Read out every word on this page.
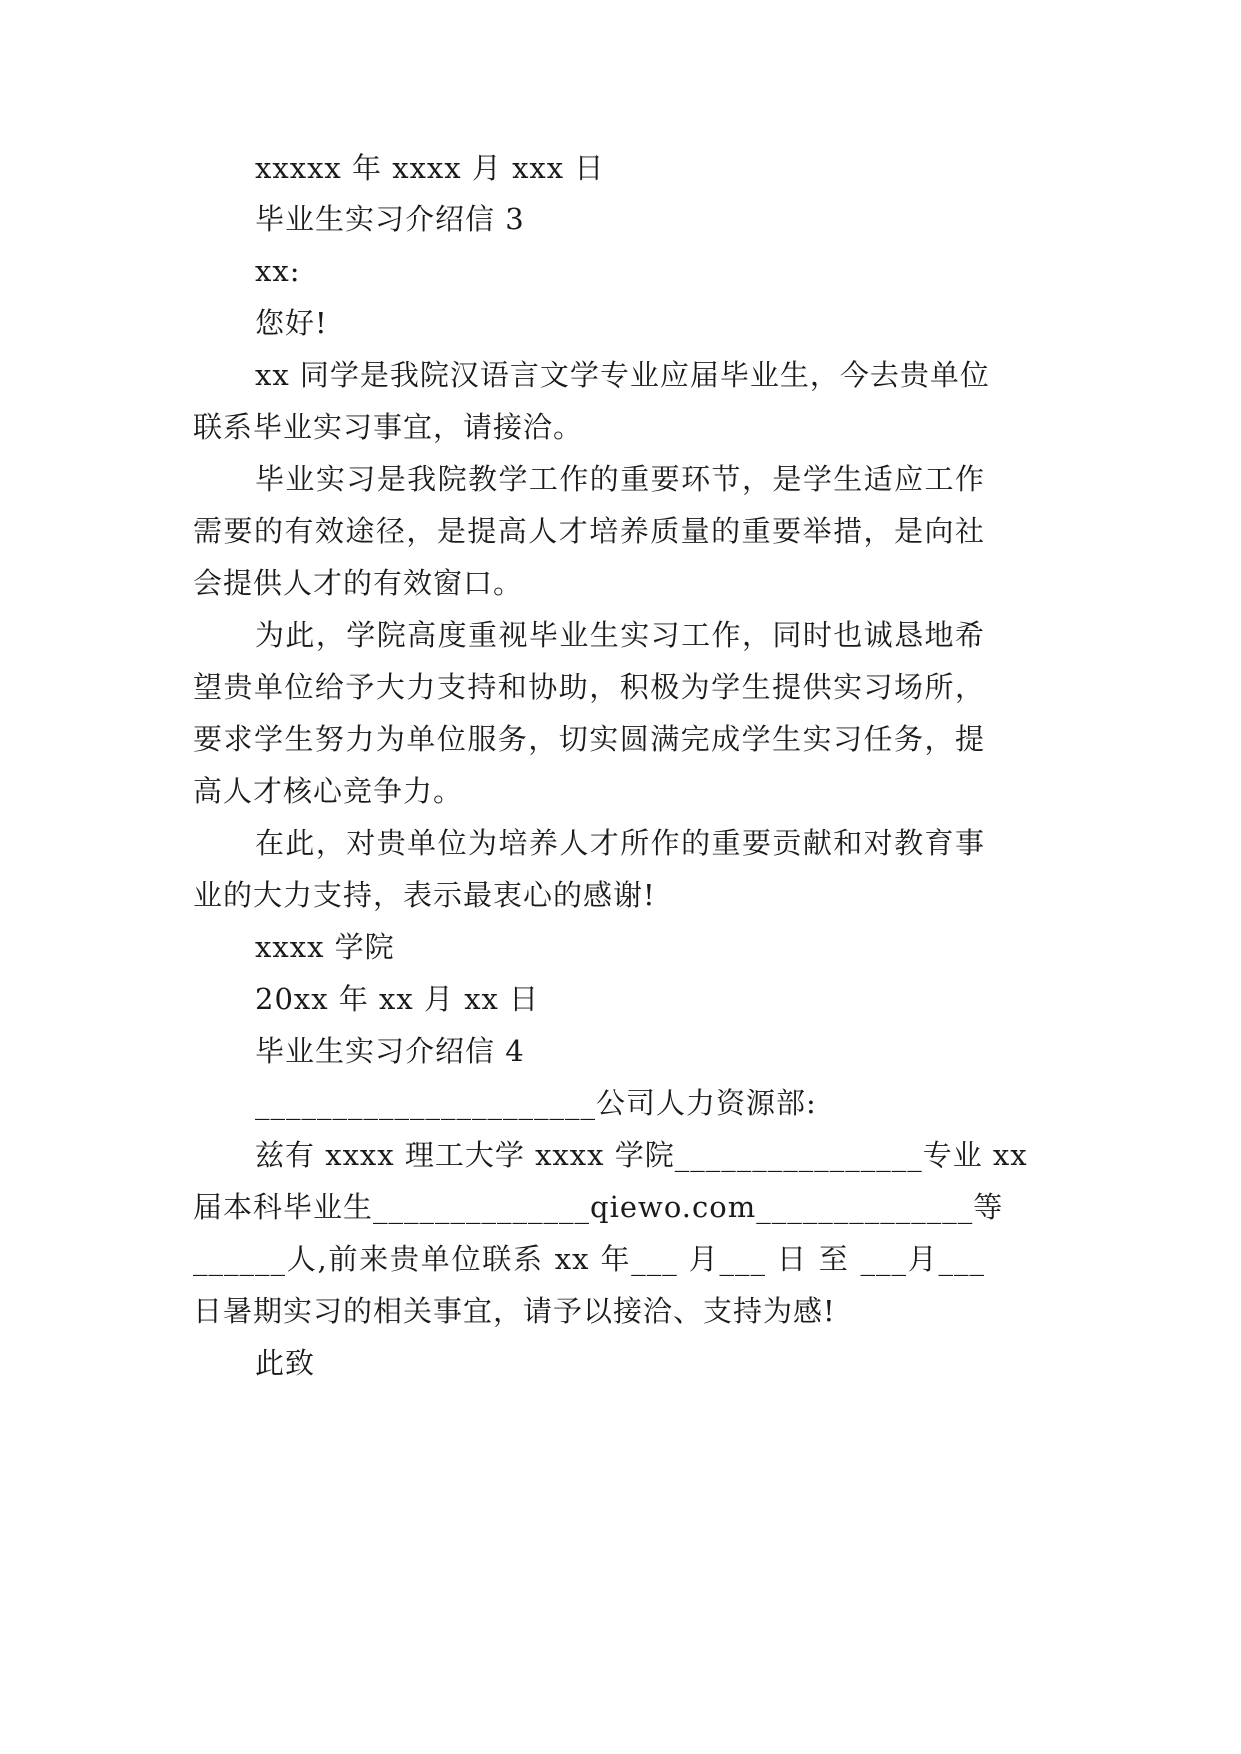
xxxxx 年 xxxx 月 xxx 日
毕业生实习介绍信 3
xx:
您好!
xx 同学是我院汉语言文学专业应届毕业生，今去贵单位
联系毕业实习事宜，请接洽。
毕业实习是我院教学工作的重要环节，是学生适应工作
需要的有效途径，是提高人才培养质量的重要举措，是向社
会提供人才的有效窗口。
为此，学院高度重视毕业生实习工作，同时也诚恳地希
望贵单位给予大力支持和协助，积极为学生提供实习场所，
要求学生努力为单位服务，切实圆满完成学生实习任务，提
高人才核心竞争力。
在此，对贵单位为培养人才所作的重要贡献和对教育事
业的大力支持，表示最衷心的感谢!
xxxx 学院
20xx 年 xx 月 xx 日
毕业生实习介绍信 4
______________________公司人力资源部:
兹有 xxxx 理工大学 xxxx 学院________________专业 xx
届本科毕业生______________qiewo.com______________等
______人,前来贵单位联系 xx 年___ 月___ 日 至 ___月___
日暑期实习的相关事宜，请予以接洽、支持为感!
此致
